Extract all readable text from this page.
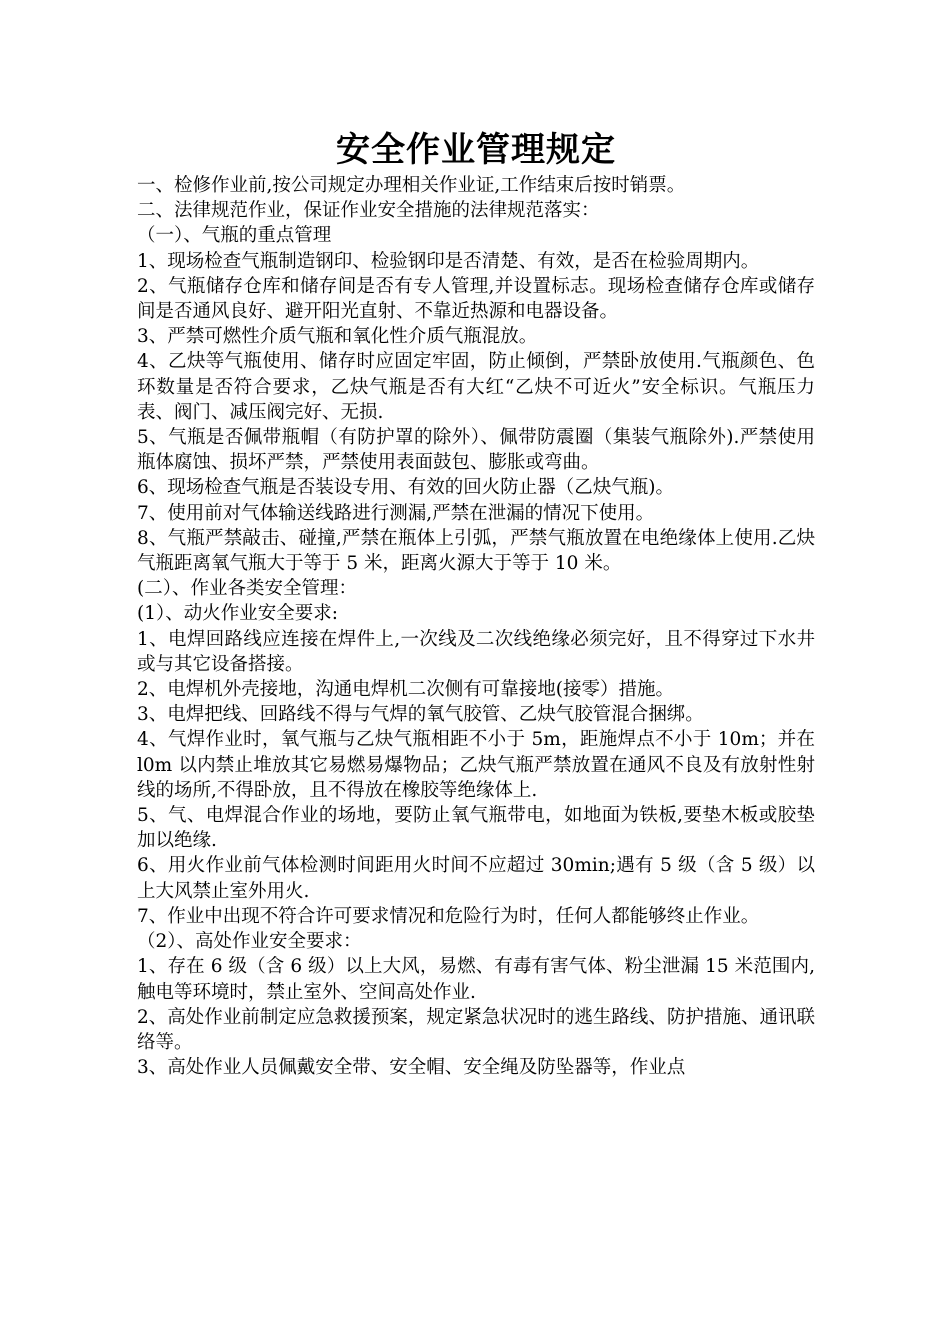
安全作业管理规定

一、检修作业前,按公司规定办理相关作业证,工作结束后按时销票。

二、法律规范作业，保证作业安全措施的法律规范落实：

（一）、气瓶的重点管理

1、现场检查气瓶制造钢印、检验钢印是否清楚、有效，是否在检验周期内。

2、气瓶储存仓库和储存间是否有专人管理,并设置标志。现场检查储存仓库或储存间是否通风良好、避开阳光直射、不靠近热源和电器设备。

3、严禁可燃性介质气瓶和氧化性介质气瓶混放。

4、乙炔等气瓶使用、储存时应固定牢固，防止倾倒，严禁卧放使用.气瓶颜色、色环数量是否符合要求，乙炔气瓶是否有大红“乙炔不可近火”安全标识。气瓶压力表、阀门、减压阀完好、无损.

5、气瓶是否佩带瓶帽（有防护罩的除外）、佩带防震圈（集装气瓶除外).严禁使用瓶体腐蚀、损坏严禁，严禁使用表面鼓包、膨胀或弯曲。

6、现场检查气瓶是否装设专用、有效的回火防止器（乙炔气瓶)。

7、使用前对气体输送线路进行测漏,严禁在泄漏的情况下使用。

8、气瓶严禁敲击、碰撞,严禁在瓶体上引弧，严禁气瓶放置在电绝缘体上使用.乙炔气瓶距离氧气瓶大于等于 5 米，距离火源大于等于 10 米。

(二）、作业各类安全管理：

(1）、动火作业安全要求:

1、电焊回路线应连接在焊件上,一次线及二次线绝缘必须完好，且不得穿过下水井或与其它设备搭接。

2、电焊机外壳接地，沟通电焊机二次侧有可靠接地(接零）措施。

3、电焊把线、回路线不得与气焊的氧气胶管、乙炔气胶管混合捆绑。

4、气焊作业时，氧气瓶与乙炔气瓶相距不小于 5m，距施焊点不小于 10m；并在 l0m 以内禁止堆放其它易燃易爆物品；乙炔气瓶严禁放置在通风不良及有放射性射线的场所,不得卧放，且不得放在橡胶等绝缘体上.

5、气、电焊混合作业的场地，要防止氧气瓶带电，如地面为铁板,要垫木板或胶垫加以绝缘.

6、用火作业前气体检测时间距用火时间不应超过 30min;遇有 5 级（含 5 级）以上大风禁止室外用火.

7、作业中出现不符合许可要求情况和危险行为时，任何人都能够终止作业。

（2）、高处作业安全要求：

1、存在 6 级（含 6 级）以上大风，易燃、有毒有害气体、粉尘泄漏 15 米范围内,触电等环境时，禁止室外、空间高处作业.

2、高处作业前制定应急救援预案，规定紧急状况时的逃生路线、防护措施、通讯联络等。

3、高处作业人员佩戴安全带、安全帽、安全绳及防坠器等，作业点
